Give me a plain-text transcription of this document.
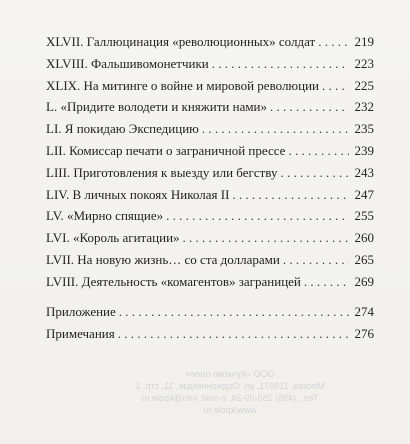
XLVII. Галлюцинация «революционных» солдат . . .	219
XLVIII. Фальшивомонетчики . . .	223
XLIX. На митинге о войне и мировой революции . . .	225
L. «Придите володети и княжити нами» . . .	232
LI. Я покидаю Экспедицию . . .	235
LII. Комиссар печати о заграничной прессе . . .	239
LIII. Приготовления к выезду или бегству . . .	243
LIV. В личных покоях Николая II . . .	247
LV. «Мирно спящие» . . .	255
LVI. «Король агитации» . . .	260
LVII. На новую жизнь… со ста долларами . . .	265
LVIII. Деятельность «комагентов» заграницей . . .	269
Приложение . . .	274
Примечания . . .	276
ООО «Кучково поле»
Москва, 119071, ул. Орджоникидзе, 11, стр. 1
Тел.: (495) 250-09-24, e-mail: info@kpole.ru
www.kpole.ru
